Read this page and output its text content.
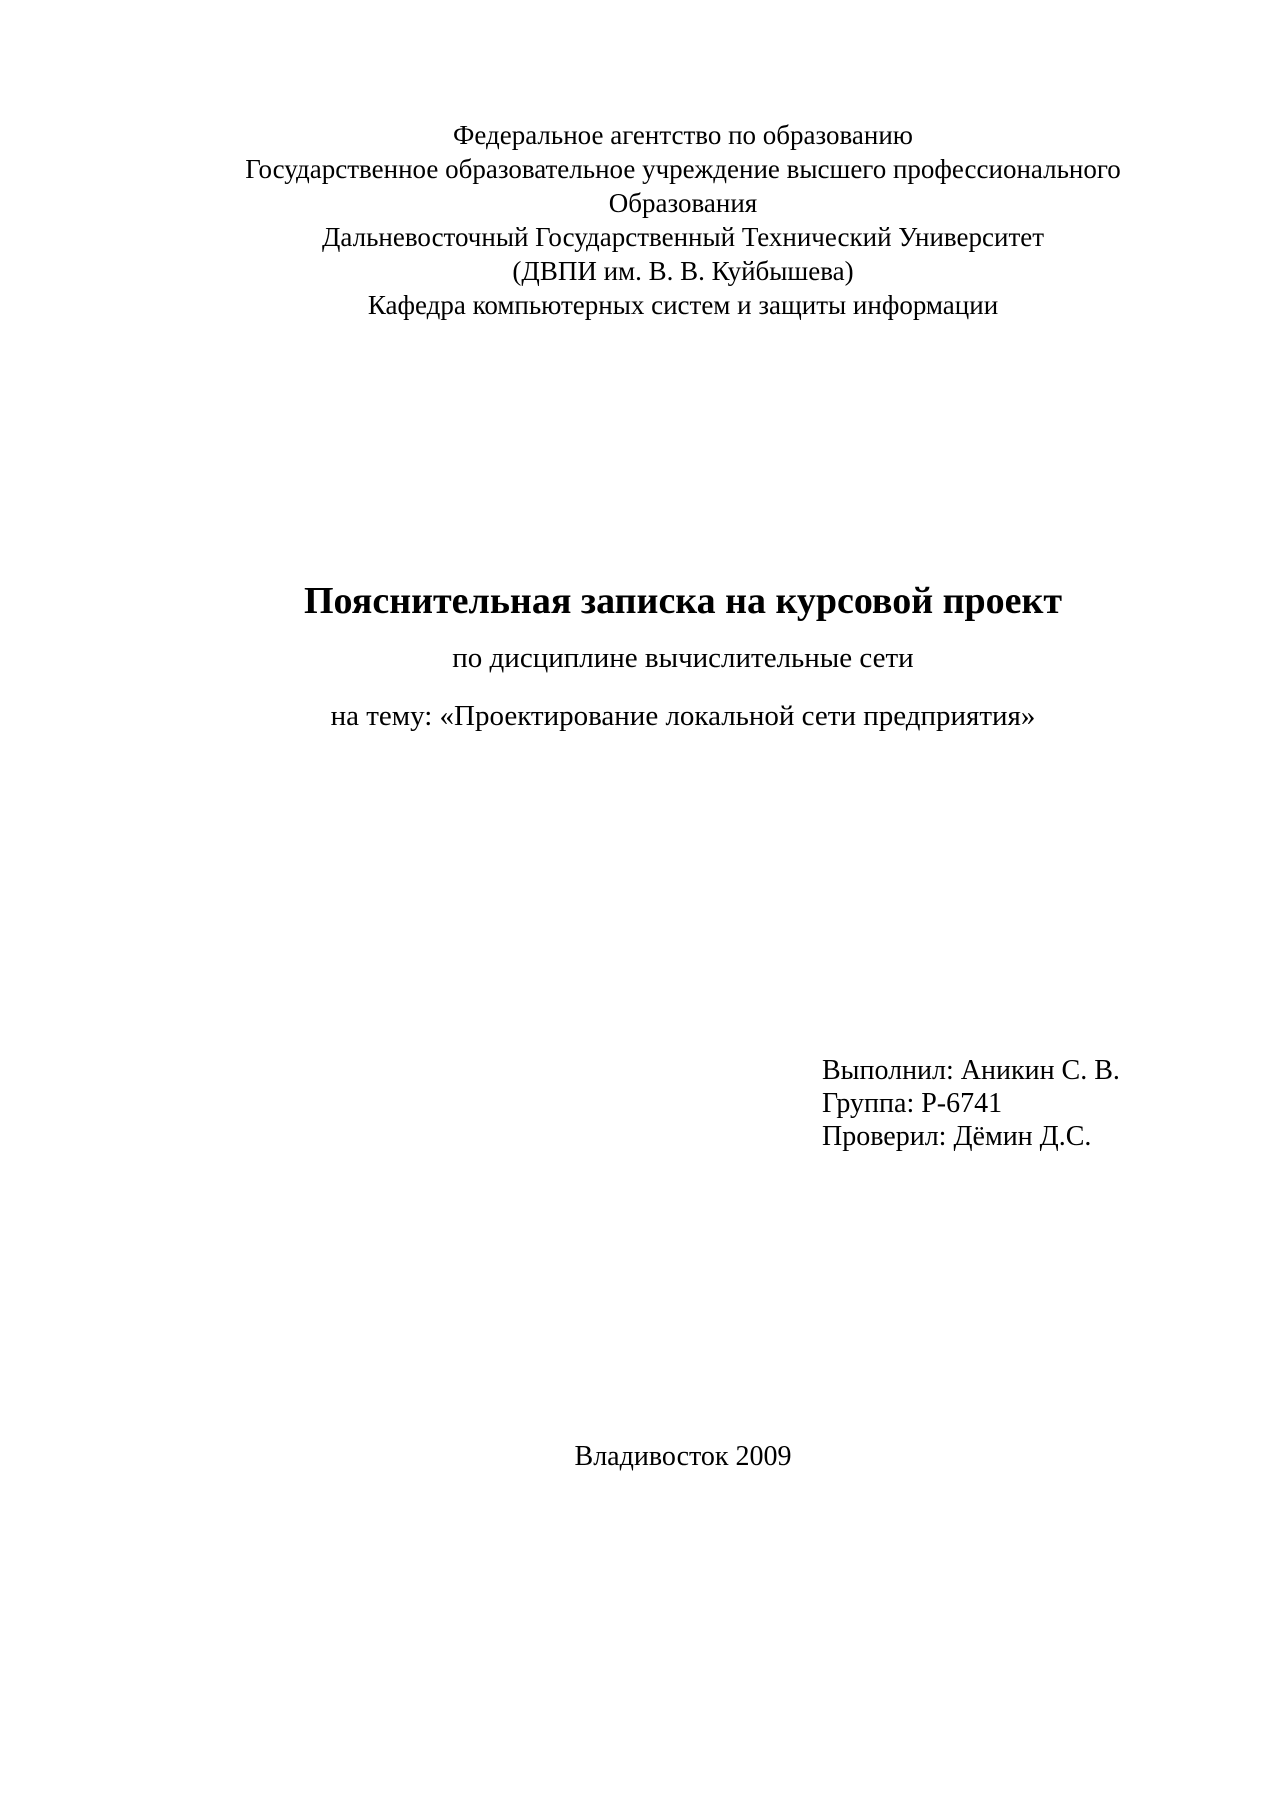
Федеральное агентство по образованию
Государственное образовательное учреждение высшего профессионального
Образования
Дальневосточный Государственный Технический Университет
(ДВПИ им. В. В. Куйбышева)
Кафедра компьютерных систем и защиты информации
Пояснительная записка на курсовой проект
по дисциплине вычислительные сети
на тему: «Проектирование локальной сети предприятия»
Выполнил: Аникин С. В.
Группа: Р-6741
Проверил: Дёмин Д.С.
Владивосток 2009
